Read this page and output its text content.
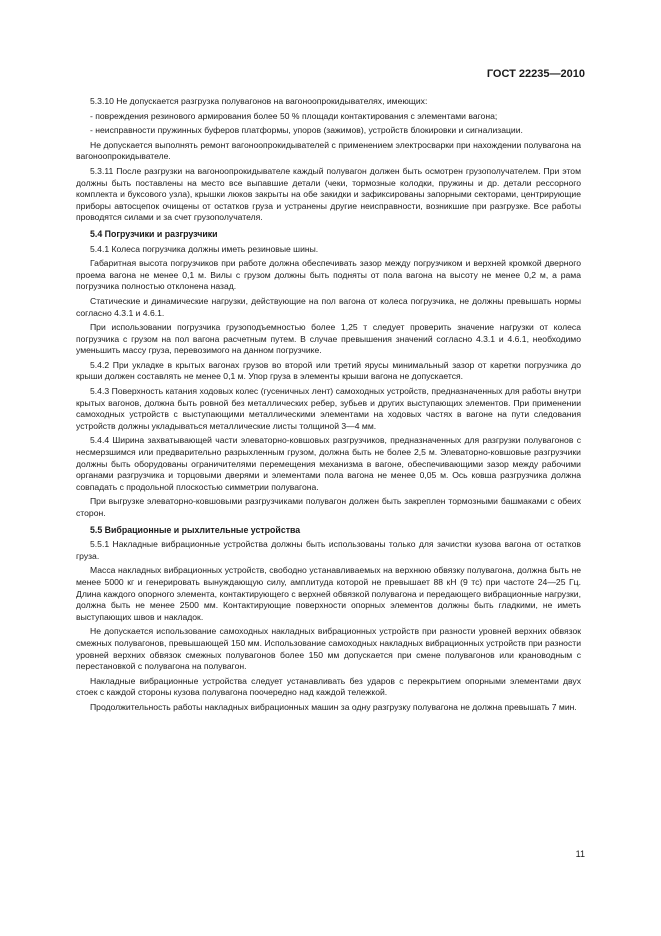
ГОСТ 22235—2010

5.3.10 Не допускается разгрузка полувагонов на вагоноопрокидывателях, имеющих:

- повреждения резинового армирования более 50 % площади контактирования с элементами вагона;

- неисправности пружинных буферов платформы, упоров (зажимов), устройств блокировки и сигнализации.

Не допускается выполнять ремонт вагоноопрокидывателей с применением электросварки при нахождении полувагона на вагоноопрокидывателе.

5.3.11 После разгрузки на вагоноопрокидывателе каждый полувагон должен быть осмотрен грузополучателем. При этом должны быть поставлены на место все выпавшие детали (чеки, тормозные колодки, пружины и др. детали рессорного комплекта и буксового узла), крышки люков закрыты на обе закидки и зафиксированы запорными секторами, центрирующие приборы автосцепок очищены от остатков груза и устранены другие неисправности, возникшие при разгрузке. Все работы проводятся силами и за счет грузополучателя.

5.4 Погрузчики и разгрузчики

5.4.1 Колеса погрузчика должны иметь резиновые шины.

Габаритная высота погрузчиков при работе должна обеспечивать зазор между погрузчиком и верхней кромкой дверного проема вагона не менее 0,1 м. Вилы с грузом должны быть подняты от пола вагона на высоту не менее 0,2 м, а рама погрузчика полностью отклонена назад.

Статические и динамические нагрузки, действующие на пол вагона от колеса погрузчика, не должны превышать нормы согласно 4.3.1 и 4.6.1.

При использовании погрузчика грузоподъемностью более 1,25 т следует проверить значение нагрузки от колеса погрузчика с грузом на пол вагона расчетным путем. В случае превышения значений согласно 4.3.1 и 4.6.1, необходимо уменьшить массу груза, перевозимого на данном погрузчике.

5.4.2 При укладке в крытых вагонах грузов во второй или третий ярусы минимальный зазор от каретки погрузчика до крыши должен составлять не менее 0,1 м. Упор груза в элементы крыши вагона не допускается.

5.4.3 Поверхность катания ходовых колес (гусеничных лент) самоходных устройств, предназначенных для работы внутри крытых вагонов, должна быть ровной без металлических ребер, зубьев и других выступающих элементов. При применении самоходных устройств с выступающими металлическими элементами на ходовых частях в вагоне на пути следования устройств должны укладываться металлические листы толщиной 3—4 мм.

5.4.4 Ширина захватывающей части элеваторно-ковшовых разгрузчиков, предназначенных для разгрузки полувагонов с несмерзшимся или предварительно разрыхленным грузом, должна быть не более 2,5 м. Элеваторно-ковшовые разгрузчики должны быть оборудованы ограничителями перемещения механизма в вагоне, обеспечивающими зазор между рабочими органами разгрузчика и торцовыми дверями и элементами пола вагона не менее 0,05 м. Ось ковша разгрузчика должна совпадать с продольной плоскостью симметрии полувагона.

При выгрузке элеваторно-ковшовыми разгрузчиками полувагон должен быть закреплен тормозными башмаками с обеих сторон.

5.5 Вибрационные и рыхлительные устройства

5.5.1 Накладные вибрационные устройства должны быть использованы только для зачистки кузова вагона от остатков груза.

Масса накладных вибрационных устройств, свободно устанавливаемых на верхнюю обвязку полувагона, должна быть не менее 5000 кг и генерировать вынуждающую силу, амплитуда которой не превышает 88 кН (9 тс) при частоте 24—25 Гц. Длина каждого опорного элемента, контактирующего с верхней обвязкой полувагона и передающего вибрационные нагрузки, должна быть не менее 2500 мм. Контактирующие поверхности опорных элементов должны быть гладкими, не иметь выступающих швов и накладок.

Не допускается использование самоходных накладных вибрационных устройств при разности уровней верхних обвязок смежных полувагонов, превышающей 150 мм. Использование самоходных накладных вибрационных устройств при разности уровней верхних обвязок смежных полувагонов более 150 мм допускается при смене полувагонов или крановодным с перестановкой с полувагона на полувагон.

Накладные вибрационные устройства следует устанавливать без ударов с перекрытием опорными элементами двух стоек с каждой стороны кузова полувагона поочередно над каждой тележкой.

Продолжительность работы накладных вибрационных машин за одну разгрузку полувагона не должна превышать 7 мин.

11
